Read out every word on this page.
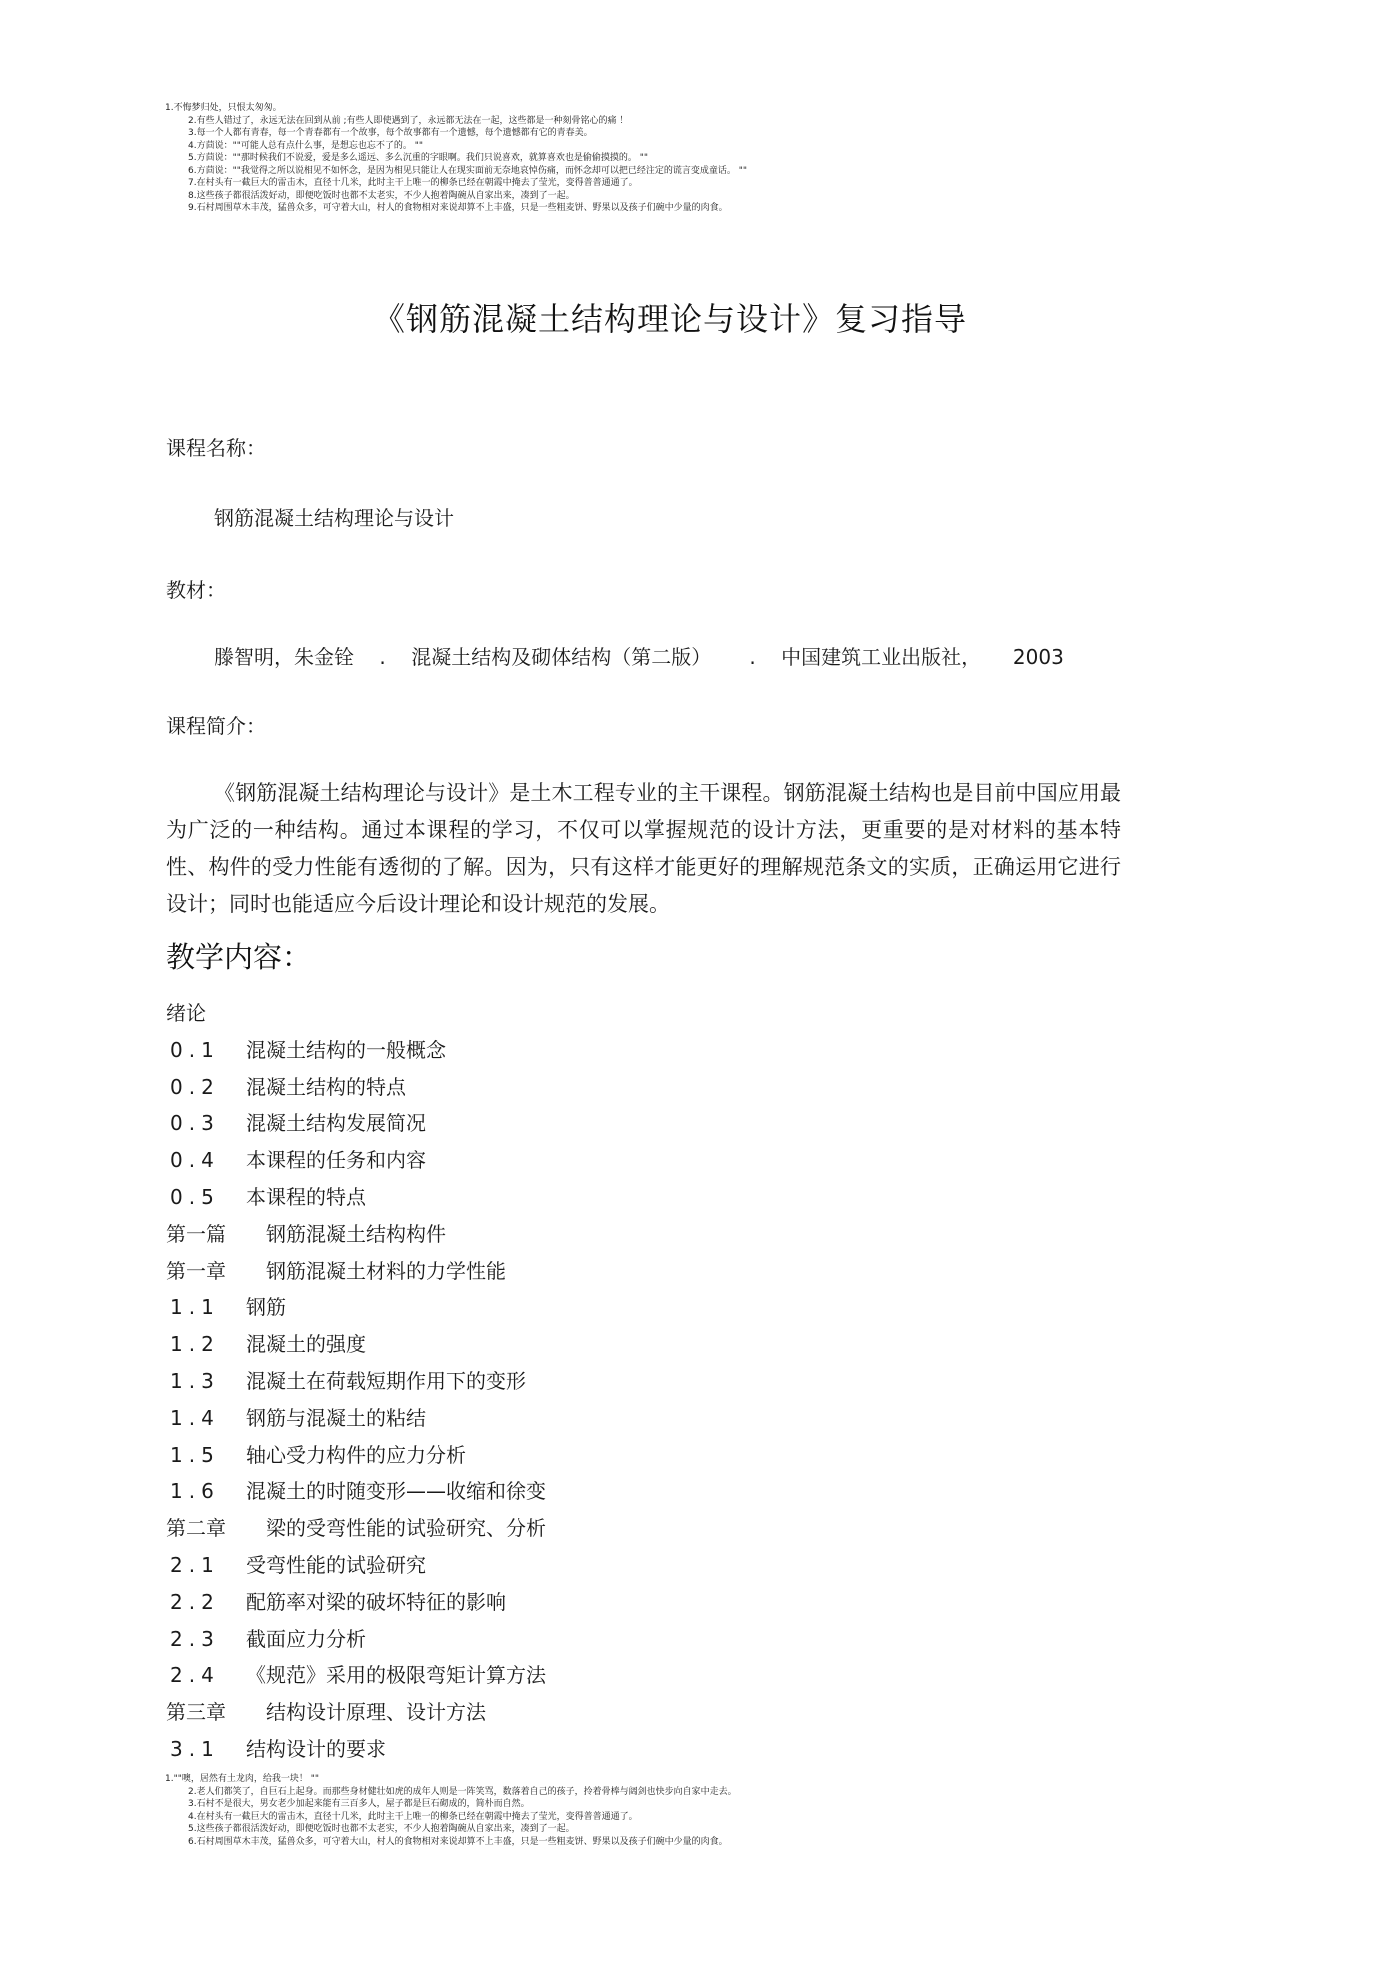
1.不悔梦归处，只恨太匆匆。
2.有些人错过了，永远无法在回到从前 ;有些人即使遇到了，永远都无法在一起，这些都是一种刻骨铭心的痛 ！
3.每一个人都有青春，每一个青春都有一个故事，每个故事都有一个遗憾，每个遗憾都有它的青春美。
4.方茴说：""可能人总有点什么事，是想忘也忘不了的。 ""
5.方茴说：""那时候我们不说爱，爱是多么遥远、多么沉重的字眼啊。我们只说喜欢，就算喜欢也是偷偷摸摸的。 ""
6.方茴说：""我觉得之所以说相见不如怀念，是因为相见只能让人在现实面前无奈地哀悼伤痛，而怀念却可以把已经注定的谎言变成童话。 ""
7.在村头有一截巨大的雷击木，直径十几米，此时主干上唯一的柳条已经在朝霞中掩去了莹光，变得普普通通了。
8.这些孩子都很活泼好动，即便吃饭时也都不太老实，不少人抱着陶碗从自家出来，凑到了一起。
9.石村周围草木丰茂，猛兽众多，可守着大山，村人的食物相对来说却算不上丰盛，只是一些粗麦饼、野果以及孩子们碗中少量的肉食。
《钢筋混凝土结构理论与设计》复习指导
课程名称：
钢筋混凝土结构理论与设计
教材：
滕智明，朱金铨    .    混凝土结构及砌体结构（第二版）      .    中国建筑工业出版社，     2003
课程简介：
《钢筋混凝土结构理论与设计》是土木工程专业的主干课程。钢筋混凝土结构也是目前中国应用最为广泛的一种结构。通过本课程的学习，不仅可以掌握规范的设计方法，更重要的是对材料的基本特性、构件的受力性能有透彻的了解。因为，只有这样才能更好的理解规范条文的实质，正确运用它进行设计；同时也能适应今后设计理论和设计规范的发展。
教学内容：
绪论
0.1 混凝土结构的一般概念
0.2 混凝土结构的特点
0.3 混凝土结构发展简况
0.4 本课程的任务和内容
0.5 本课程的特点
第一篇 钢筋混凝土结构构件
第一章 钢筋混凝土材料的力学性能
1.1 钢筋
1.2 混凝土的强度
1.3 混凝土在荷载短期作用下的变形
1.4 钢筋与混凝土的粘结
1.5 轴心受力构件的应力分析
1.6 混凝土的时随变形——收缩和徐变
第二章 梁的受弯性能的试验研究、分析
2.1 受弯性能的试验研究
2.2 配筋率对梁的破坏特征的影响
2.3 截面应力分析
2.4 《规范》采用的极限弯矩计算方法
第三章 结构设计原理、设计方法
3.1 结构设计的要求
1.""噢，居然有土龙肉，给我一块！ ""
2.老人们都笑了，自巨石上起身。而那些身材健壮如虎的成年人则是一阵笑骂，数落着自己的孩子，拎着骨棒与阔剑也快步向自家中走去。
3.石村不是很大，男女老少加起来能有三百多人，屋子都是巨石砌成的，简朴而自然。
4.在村头有一截巨大的雷击木，直径十几米，此时主干上唯一的柳条已经在朝霞中掩去了莹光，变得普普通通了。
5.这些孩子都很活泼好动，即便吃饭时也都不太老实，不少人抱着陶碗从自家出来，凑到了一起。
6.石村周围草木丰茂，猛兽众多，可守着大山，村人的食物相对来说却算不上丰盛，只是一些粗麦饼、野果以及孩子们碗中少量的肉食。
